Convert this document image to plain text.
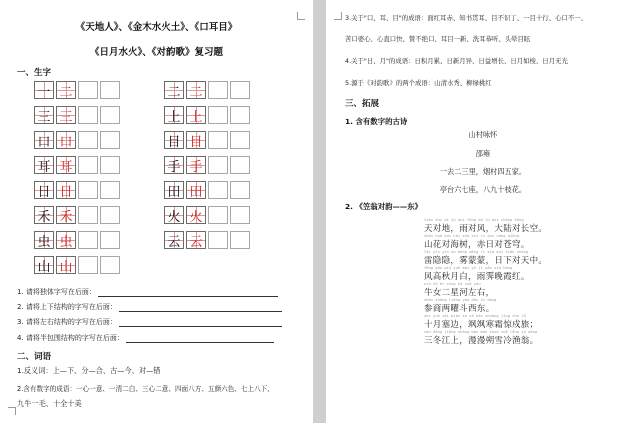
《天地人》、《金木水火土》、《口耳目》
《日月水火》、《对韵歌》复习题
一、生字
一 二
三 三
口 口
耳 耳
日 日
禾 禾
虫 虫
山 山
二 二
上 上
目 目
手 手
田 田
火 火
云 云
1. 请将独体字写在后面：
2. 请将上下结构的字写在后面：
3. 请将左右结构的字写在后面：
4. 请将半包围结构的字写在后面：
二、词语
1.反义词：上—下、分—合、古—今、对—错
2.含有数字的成语：一心一意、一清二白、三心二意、四面八方、五颜六色、七上八下、
九牛一毛、十全十美
3.关于"口、耳、目"的成语：面红耳赤、知书贯耳、目不识丁、一目十行、心口不一、
苦口婆心、心直口快、赞不绝口、耳目一新、洗耳恭听、头晕目眩
4.关于"日、月"的成语：日积月累、日新月异、日益增长、日月如梭、日月无光
5.源于《对韵歌》的两个成语：山清水秀、柳绿桃红
三、拓展
1. 含有数字的古诗
山村咏怀
邵雍
一去二三里，烟村四五家。
亭台六七座，八九十枝花。
2. 《笠翁对韵——东》
tiān duì dì yǔ duì fēng dà lù duì cháng kōng
天对地，雨对风，大陆对长空。
shān huā duì hǎi shù chì rì duì cāng qióng
山花对海树，赤日对苍穹。
léi yǐn yǐn wù méng méng rì xià duì tiān zhōng
雷隐隐，雾蒙蒙，日下对天中。
fēng gāo qiū yuè bái yǔ jì wǎn xiá hóng
风高秋月白，雨霁晚霞红。
niú nǚ èr xīng hé zuǒ yòu
牛女二星河左右，
shēn shāng liǎng yào dǒu xī dōng
参商两曜斗西东。
shí yuè sāi biān sà sà hán shuāng jīng shù lǚ
十月塞边，飒飒寒霜惊戍旅；
sān dōng jiāng shàng màn màn shuò xuě lěng yú wēng
三冬江上，漫漫朔雪冷渔翁。
